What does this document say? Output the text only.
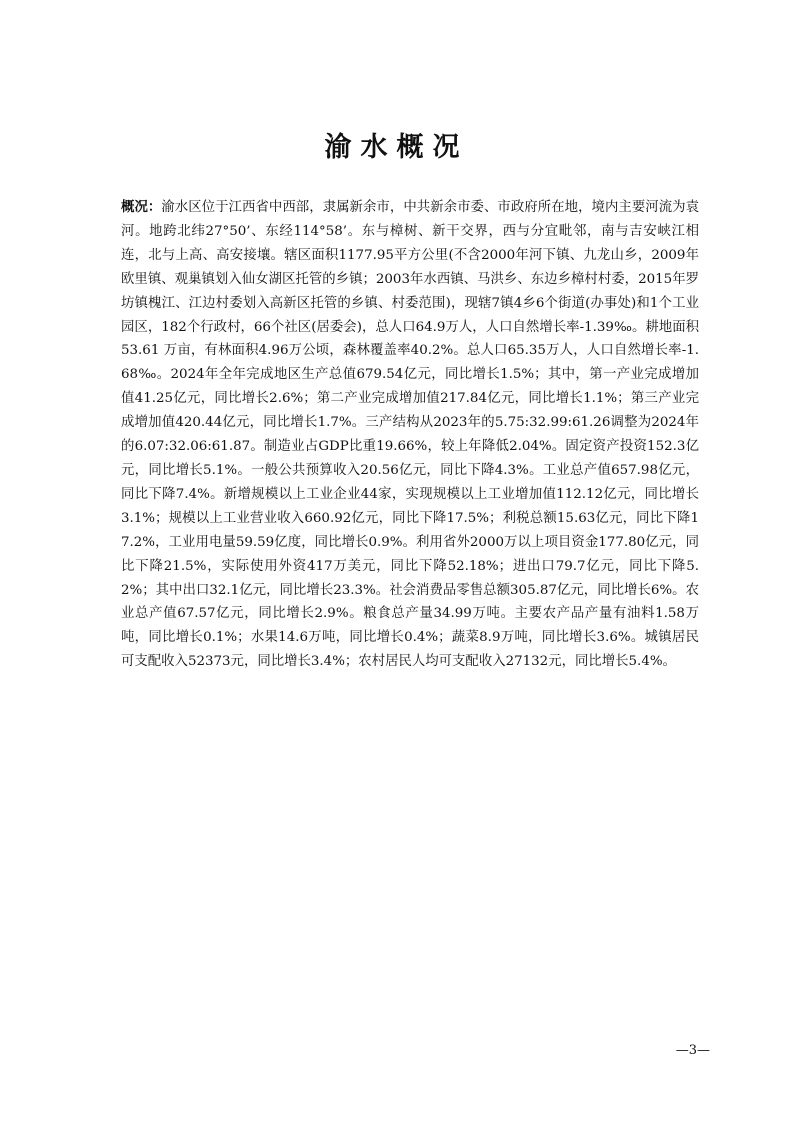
渝水概况

概况：渝水区位于江西省中西部，隶属新余市，中共新余市委、市政府所在地，境内主要河流为袁河。地跨北纬27°50’、东经114°58’。东与樟树、新干交界，西与分宜毗邻，南与吉安峡江相连，北与上高、高安接壤。辖区面积1177.95平方公里(不含2000年河下镇、九龙山乡，2009年欧里镇、观巢镇划入仙女湖区托管的乡镇；2003年水西镇、马洪乡、东边乡樟村村委，2015年罗坊镇槐江、江边村委划入高新区托管的乡镇、村委范围)，现辖7镇4乡6个街道(办事处)和1个工业园区，182个行政村，66个社区(居委会)，总人口64.9万人，人口自然增长率-1.39‰。耕地面积53.61 万亩，有林面积4.96万公顷，森林覆盖率40.2%。总人口65.35万人，人口自然增长率-1.68‰。2024年全年完成地区生产总值679.54亿元，同比增长1.5%；其中，第一产业完成增加值41.25亿元，同比增长2.6%；第二产业完成增加值217.84亿元，同比增长1.1%；第三产业完成增加值420.44亿元，同比增长1.7%。三产结构从2023年的5.75:32.99:61.26调整为2024年的6.07:32.06:61.87。制造业占GDP比重19.66%，较上年降低2.04%。固定资产投资152.3亿元，同比增长5.1%。一般公共预算收入20.56亿元，同比下降4.3%。工业总产值657.98亿元，同比下降7.4%。新增规模以上工业企业44家，实现规模以上工业增加值112.12亿元，同比增长3.1%；规模以上工业营业收入660.92亿元，同比下降17.5%；利税总额15.63亿元，同比下降17.2%，工业用电量59.59亿度，同比增长0.9%。利用省外2000万以上项目资金177.80亿元，同比下降21.5%，实际使用外资417万美元，同比下降52.18%；进出口79.7亿元，同比下降5.2%；其中出口32.1亿元，同比增长23.3%。社会消费品零售总额305.87亿元，同比增长6%。农业总产值67.57亿元，同比增长2.9%。粮食总产量34.99万吨。主要农产品产量有油料1.58万吨，同比增长0.1%；水果14.6万吨，同比增长0.4%；蔬菜8.9万吨，同比增长3.6%。城镇居民可支配收入52373元，同比增长3.4%；农村居民人均可支配收入27132元，同比增长5.4%。

—3—
